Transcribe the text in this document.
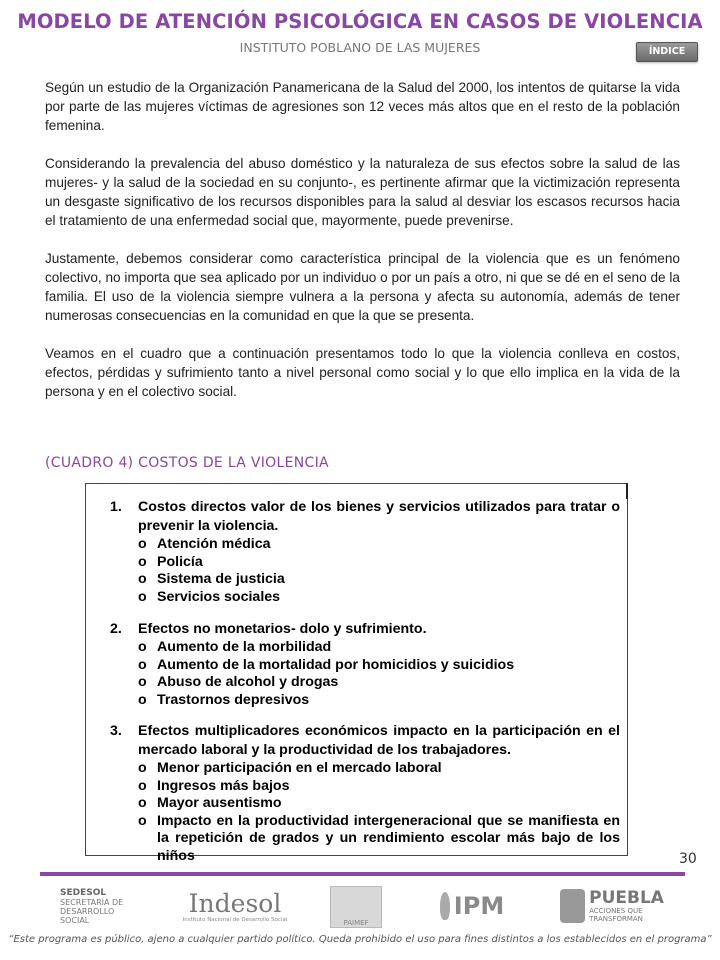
MODELO DE ATENCIÓN PSICOLÓGICA EN CASOS DE VIOLENCIA
INSTITUTO POBLANO DE LAS MUJERES	ÍNDICE

Según un estudio de la Organización Panamericana de la Salud del 2000, los intentos de quitarse la vida por parte de las mujeres víctimas de agresiones son 12 veces más altos que en el resto de la población femenina.

Considerando la prevalencia del abuso doméstico y la naturaleza de sus efectos sobre la salud de las mujeres- y la salud de la sociedad en su conjunto-, es pertinente afirmar que la victimización representa un desgaste significativo de los recursos disponibles para la salud al desviar los escasos recursos hacia el tratamiento de una enfermedad social que, mayormente, puede prevenirse.

Justamente, debemos considerar como característica principal de la violencia que es un fenómeno colectivo, no importa que sea aplicado por un individuo o por un país a otro, ni que se dé en el seno de la familia. El uso de la violencia siempre vulnera a la persona y afecta su autonomía, además de tener numerosas consecuencias en la comunidad en que la que se presenta.

Veamos en el cuadro que a continuación presentamos todo lo que la violencia conlleva en costos, efectos, pérdidas y sufrimiento tanto a nivel personal como social y lo que ello implica en la vida de la persona y en el colectivo social.

(CUADRO 4) COSTOS DE LA VIOLENCIA
1.	Costos directos valor de los bienes y servicios utilizados para tratar o prevenir la violencia.
o Atención médica
o Policía
o Sistema de justicia
o Servicios sociales
2.	Efectos no monetarios- dolo y sufrimiento.
o Aumento de la morbilidad
o Aumento de la mortalidad por homicidios y suicidios
o Abuso de alcohol y drogas
o Trastornos depresivos
3.	Efectos multiplicadores económicos impacto en la participación en el mercado laboral y la productividad de los trabajadores.
o Menor participación en el mercado laboral
o Ingresos más bajos
o Mayor ausentismo
o Impacto en la productividad intergeneracional que se manifiesta en la repetición de grados y un rendimiento escolar más bajo de los niños	30
SEDESOL
SECRETARÍA DE DESARROLLO SOCIAL
Indesol
Instituto Nacional de Desarrollo Social	PAIMEF
IPM	PUEBLA
ACCIONES QUE TRANSFORMAN
“Este programa es público, ajeno a cualquier partido político. Queda prohibido el uso para fines distintos a los establecidos en el programa”
